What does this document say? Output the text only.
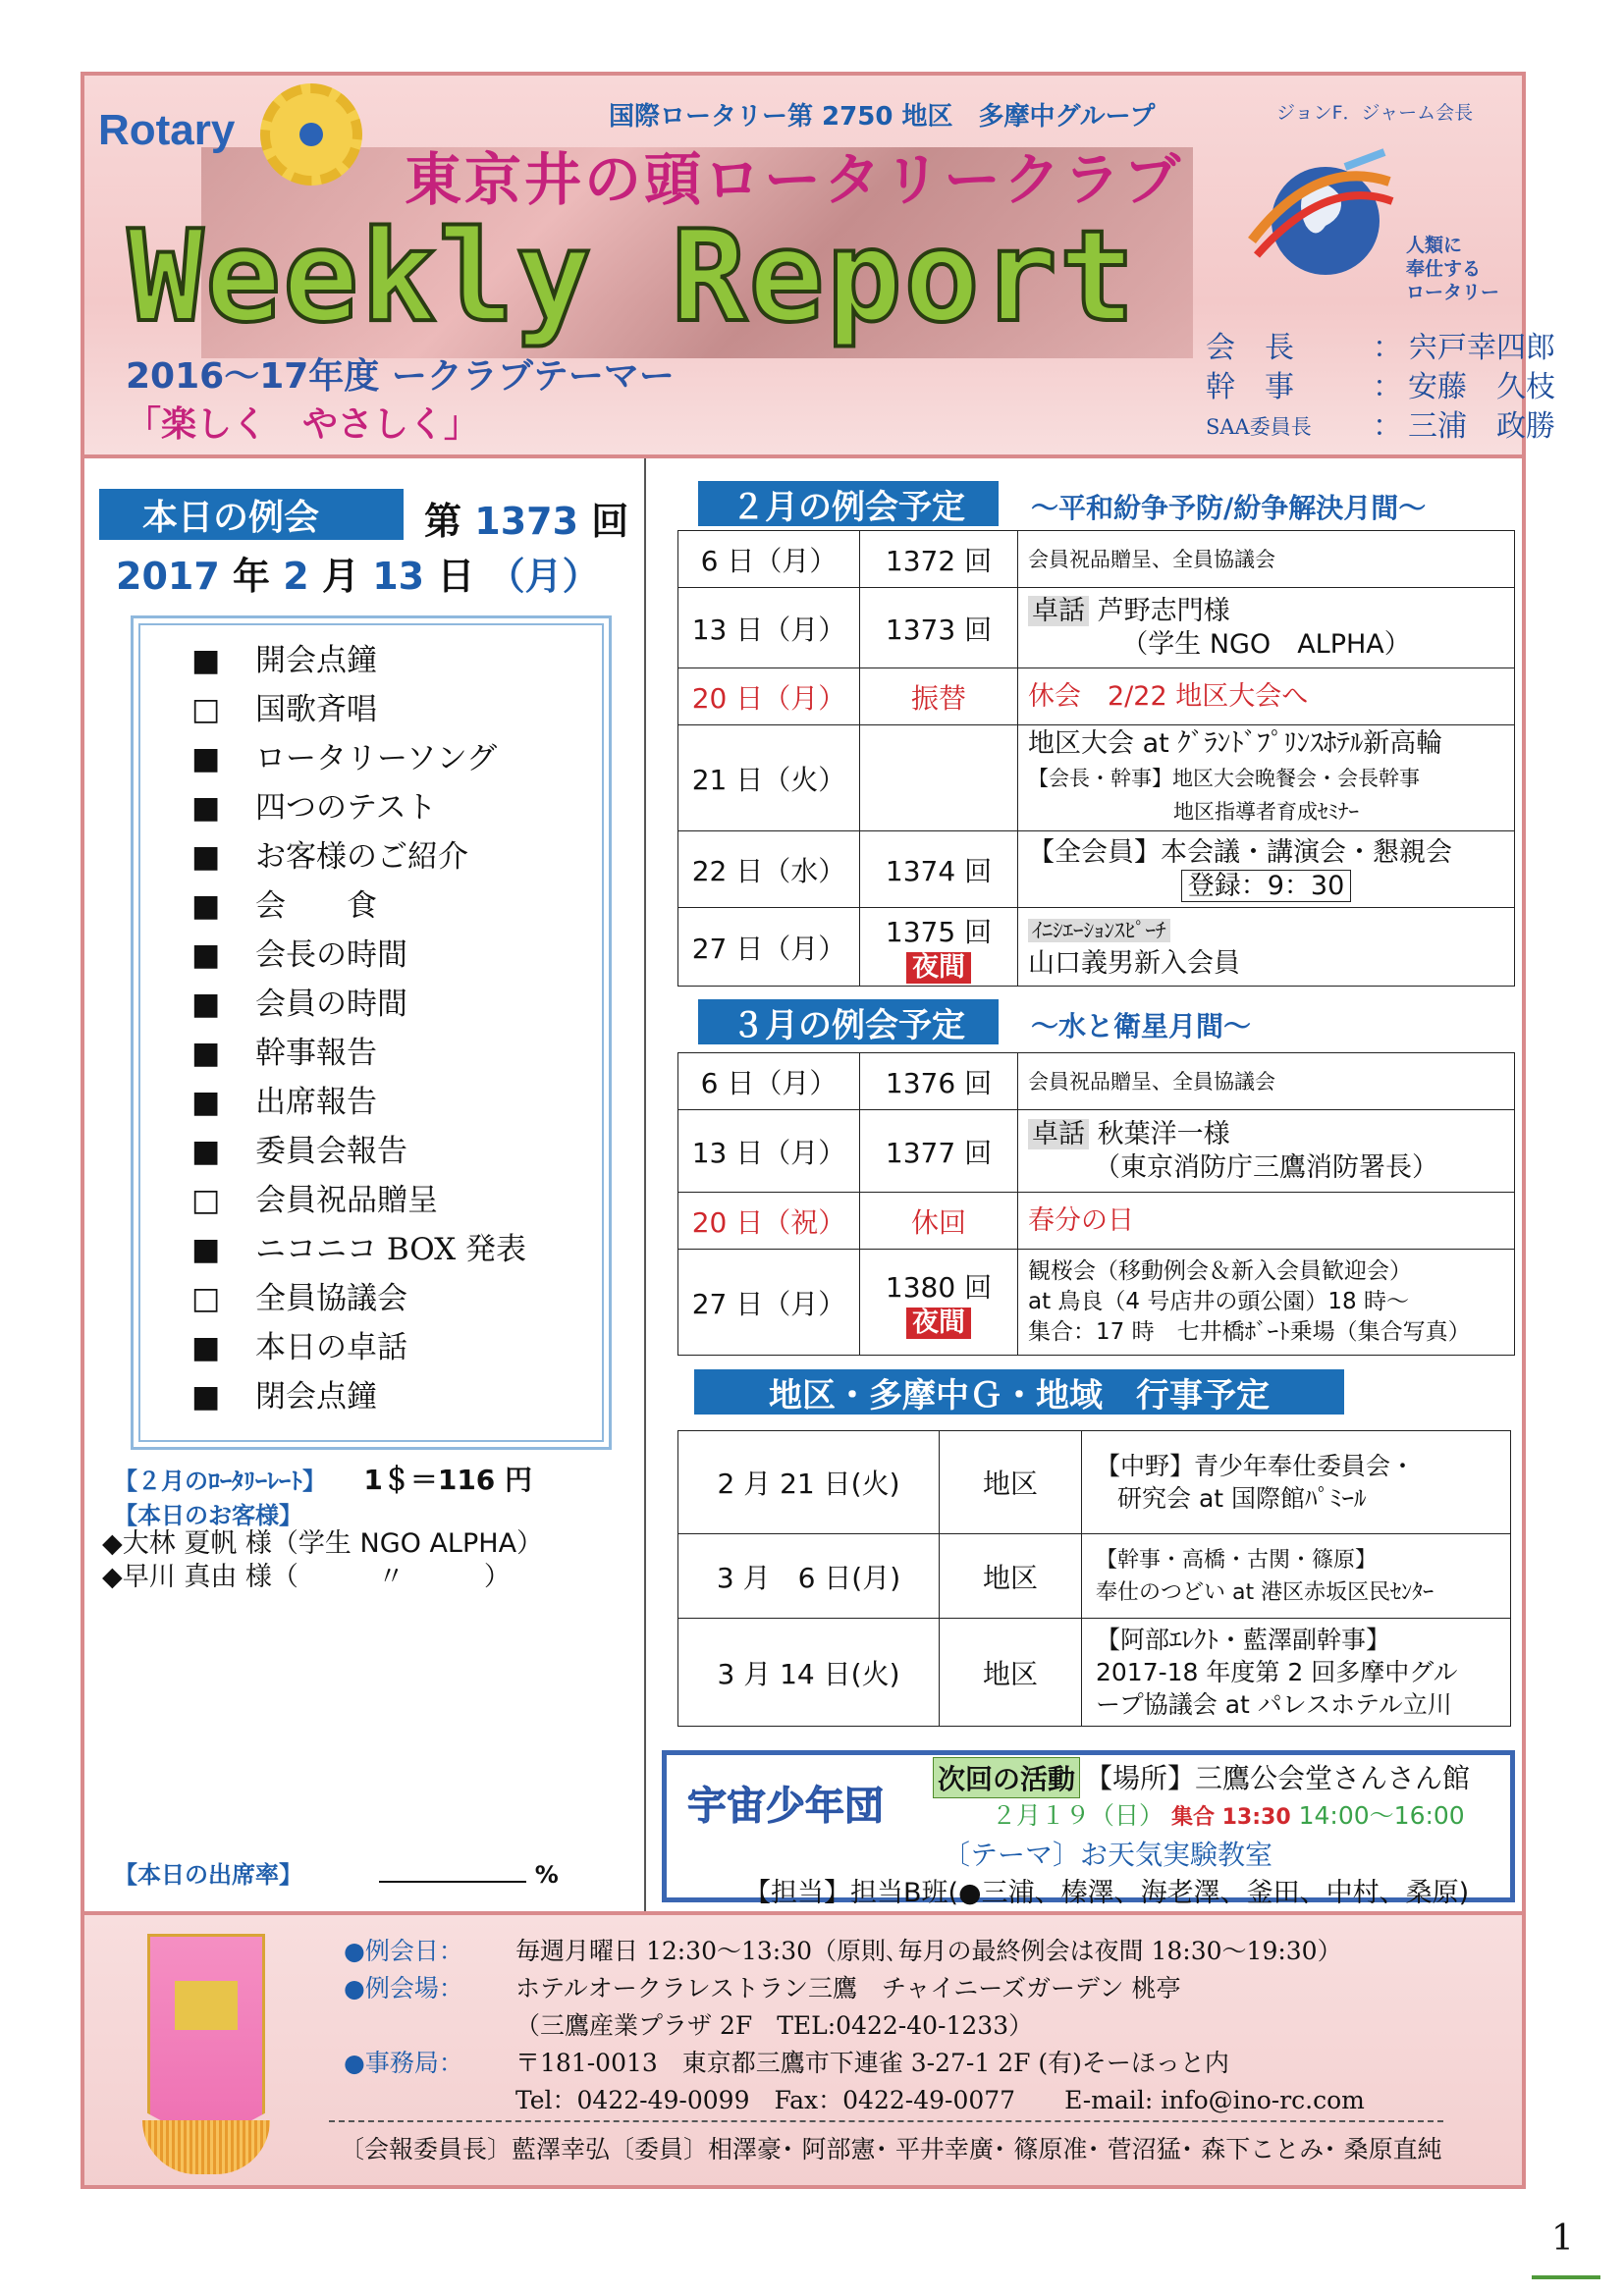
Rotary	国際ロータリー第 2750 地区　多摩中グループ
東京井の頭ロータリークラブ
Weekly Report
2016～17年度 ークラブテーマー
「楽しく　やさしく」
ジョンF．ジャーム会長
人類に
奉仕する
ロータリー
会　長	： 宍戸幸四郎
幹　事	： 安藤　久枝
SAA委員長	： 三浦　政勝
本日の例会	第 1373 回
2017 年 2 月 13 日 （月）
■	開会点鐘
□	国歌斉唱
■	ロータリーソング
■	四つのテスト
■	お客様のご紹介
■	会　　食
■	会長の時間
■	会員の時間
■	幹事報告
■	出席報告
■	委員会報告
□	会員祝品贈呈
■	ニコニコ BOX 発表
□	全員協議会
■	本日の卓話
■	閉会点鐘
【２月のﾛｰﾀﾘｰﾚｰﾄ】 1＄＝116 円
【本日のお客様】
◆大林 夏帆 様（学生 NGO ALPHA）
◆早川 真由 様（　　　〃　　　）
【本日の出席率】	%
２月の例会予定	～平和紛争予防/紛争解決月間～
6 日（月）	1372 回	会員祝品贈呈、全員協議会
13 日（月）	1373 回	卓話 芦野志門様

（学生 NGO　ALPHA）

20 日（月）	振替	休会　2/22 地区大会へ
21 日（火）		地区大会 at ｸﾞﾗﾝﾄﾞﾌﾟﾘﾝｽﾎﾃﾙ新高輪
【会長・幹事】地区大会晩餐会・会長幹事

地区指導者育成ｾﾐﾅｰ

22 日（水）	1374 回	【全会員】本会議・講演会・懇親会

登録：9：30

27 日（月）	1375 回
夜間	ｲﾆｼｴｰｼｮﾝｽﾋﾟｰﾁ
山口義男新入会員
３月の例会予定	～水と衛星月間～
6 日（月）	1376 回	会員祝品贈呈、全員協議会
13 日（月）	1377 回	卓話 秋葉洋一様

（東京消防庁三鷹消防署長）

20 日（祝）	休回	春分の日
27 日（月）	1380 回
夜間	観桜会（移動例会＆新入会員歓迎会）
at 鳥良（4 号店井の頭公園）18 時～
集合：17 時　七井橋ﾎﾞｰﾄ乗場（集合写真）
地区・多摩中Ｇ・地域　行事予定
2 月 21 日(火)	地区	【中野】青少年奉仕委員会・
研究会 at 国際館ﾊﾟﾐｰﾙ
3 月　6 日(月)	地区	【幹事・高橋・古関・篠原】
奉仕のつどい at 港区赤坂区民ｾﾝﾀｰ
3 月 14 日(火)	地区	【阿部ｴﾚｸﾄ・藍澤副幹事】
2017-18 年度第 2 回多摩中グル
ープ協議会 at パレスホテル立川
宇宙少年団
次回の活動 【場所】三鷹公会堂さんさん館
２月１９（日） 集合 13:30 14:00～16:00
〔テーマ〕お天気実験教室
【担当】担当B班(●三浦、榛澤、海老澤、釜田、中村、桑原)
●例会日：	毎週月曜日 12:30～13:30（原則､毎月の最終例会は夜間 18:30～19:30）
●例会場：	ホテルオークラレストラン三鷹　チャイニーズガーデン 桃亭
（三鷹産業プラザ 2F　TEL:0422-40-1233）
●事務局：	〒181-0013　東京都三鷹市下連雀 3-27-1 2F (有)そーほっと内
Tel：0422-49-0099　Fax：0422-49-0077　　E-mail: info@ino-rc.com
〔会報委員長〕藍澤幸弘〔委員〕相澤豪･ 阿部憲･ 平井幸廣･ 篠原准･ 菅沼猛･ 森下ことみ･ 桑原直純
1
